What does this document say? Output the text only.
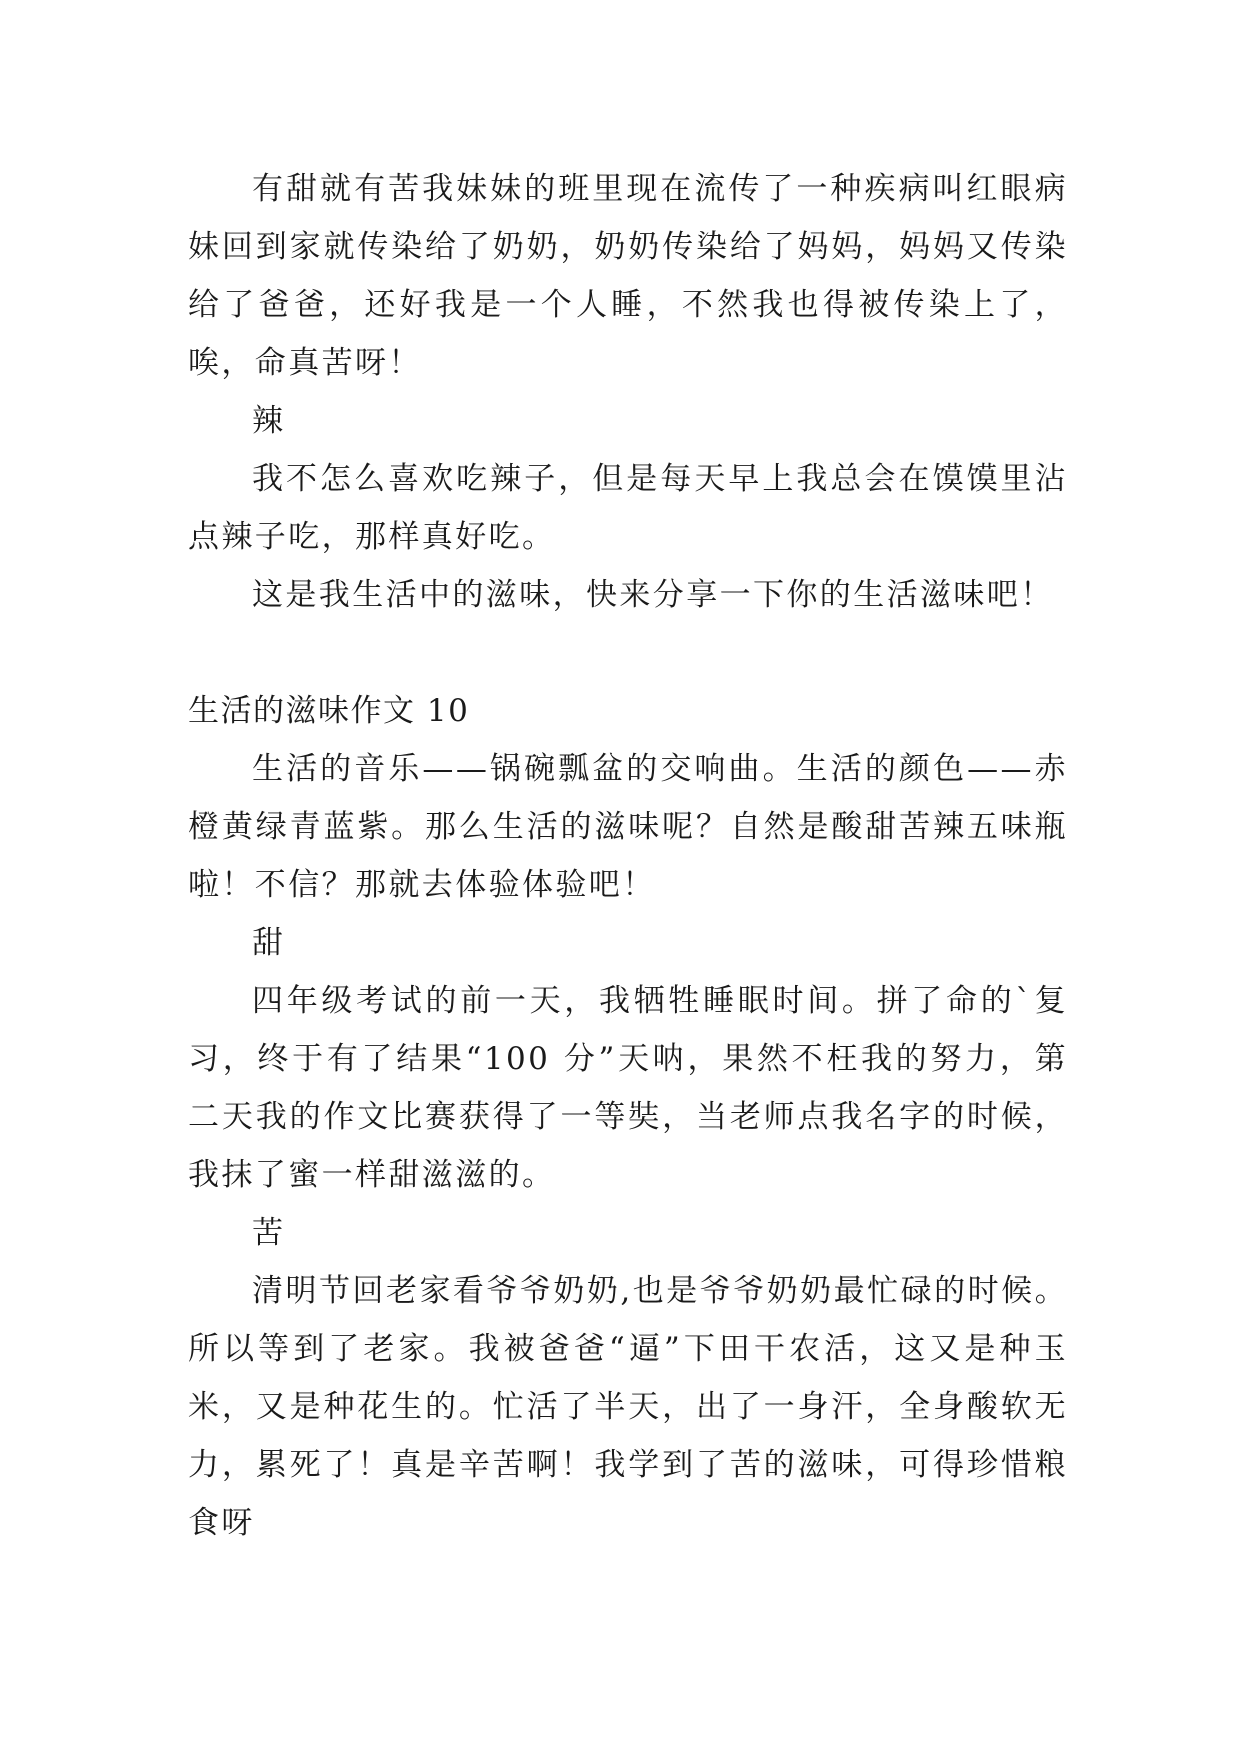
有甜就有苦我妹妹的班里现在流传了一种疾病叫红眼病妹回到家就传染给了奶奶，奶奶传染给了妈妈，妈妈又传染给了爸爸，还好我是一个人睡，不然我也得被传染上了，唉，命真苦呀！

辣

我不怎么喜欢吃辣子，但是每天早上我总会在馍馍里沾点辣子吃，那样真好吃。

这是我生活中的滋味，快来分享一下你的生活滋味吧！

生活的滋味作文 10

生活的音乐——锅碗瓢盆的交响曲。生活的颜色——赤橙黄绿青蓝紫。那么生活的滋味呢？自然是酸甜苦辣五味瓶啦！不信？那就去体验体验吧！

甜

四年级考试的前一天，我牺牲睡眠时间。拼了命的`复习，终于有了结果“100 分”天呐，果然不枉我的努力，第二天我的作文比赛获得了一等奘，当老师点我名字的时候，我抹了蜜一样甜滋滋的。

苦

清明节回老家看爷爷奶奶,也是爷爷奶奶最忙碌的时候。所以等到了老家。我被爸爸“逼”下田干农活，这又是种玉米，又是种花生的。忙活了半天，出了一身汗，全身酸软无力，累死了！真是辛苦啊！我学到了苦的滋味，可得珍惜粮食呀
